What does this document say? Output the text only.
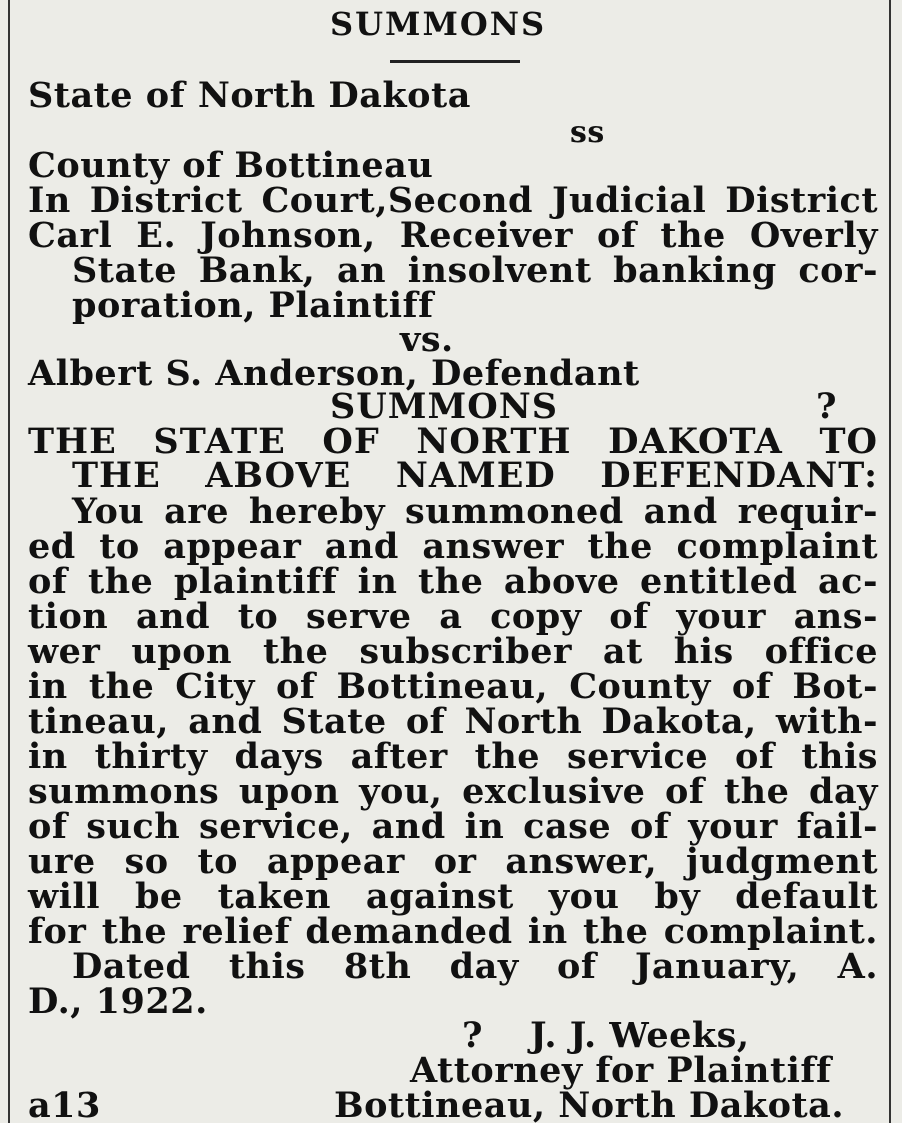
SUMMONS
State of North Dakota
ss
County of Bottineau
In District Court,Second Judicial District
Carl E. Johnson, Receiver of the Overly
State Bank, an insolvent banking cor-
poration, Plaintiff
vs.
Albert S. Anderson, Defendant
SUMMONS	?
THE STATE OF NORTH DAKOTA TO
THE ABOVE NAMED DEFENDANT:
You are hereby summoned and requir-
ed to appear and answer the complaint
of the plaintiff in the above entitled ac-
tion and to serve a copy of your ans-
wer upon the subscriber at his office
in the City of Bottineau, County of Bot-
tineau, and State of North Dakota, with-
in thirty days after the service of this
summons upon you, exclusive of the day
of such service, and in case of your fail-
ure so to appear or answer, judgment
will be taken against you by default
for the relief demanded in the complaint.
Dated this 8th day of January, A.
D., 1922.
? J. J. Weeks,
Attorney for Plaintiff
a13	Bottineau, North Dakota.
